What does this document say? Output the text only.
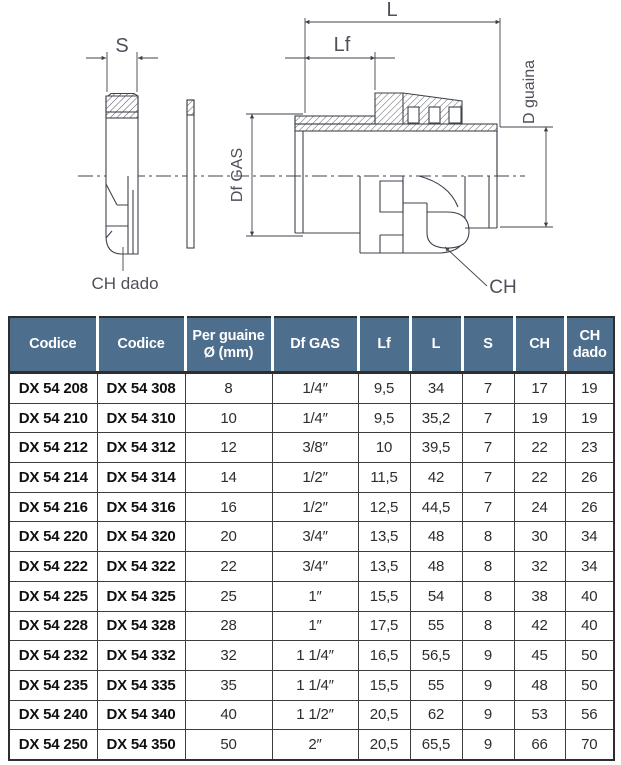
S
CH dado
Df GAS
L
Lf
D guaina
CH
Codice	Codice	Per guaine Ø (mm)	Df GAS	Lf	L	S	CH	CH dado
DX 54 208	DX 54 308	8	1/4″	9,5	34	7	17	19
DX 54 210	DX 54 310	10	1/4″	9,5	35,2	7	19	19
DX 54 212	DX 54 312	12	3/8″	10	39,5	7	22	23
DX 54 214	DX 54 314	14	1/2″	11,5	42	7	22	26
DX 54 216	DX 54 316	16	1/2″	12,5	44,5	7	24	26
DX 54 220	DX 54 320	20	3/4″	13,5	48	8	30	34
DX 54 222	DX 54 322	22	3/4″	13,5	48	8	32	34
DX 54 225	DX 54 325	25	1″	15,5	54	8	38	40
DX 54 228	DX 54 328	28	1″	17,5	55	8	42	40
DX 54 232	DX 54 332	32	1 1/4″	16,5	56,5	9	45	50
DX 54 235	DX 54 335	35	1 1/4″	15,5	55	9	48	50
DX 54 240	DX 54 340	40	1 1/2″	20,5	62	9	53	56
DX 54 250	DX 54 350	50	2″	20,5	65,5	9	66	70
